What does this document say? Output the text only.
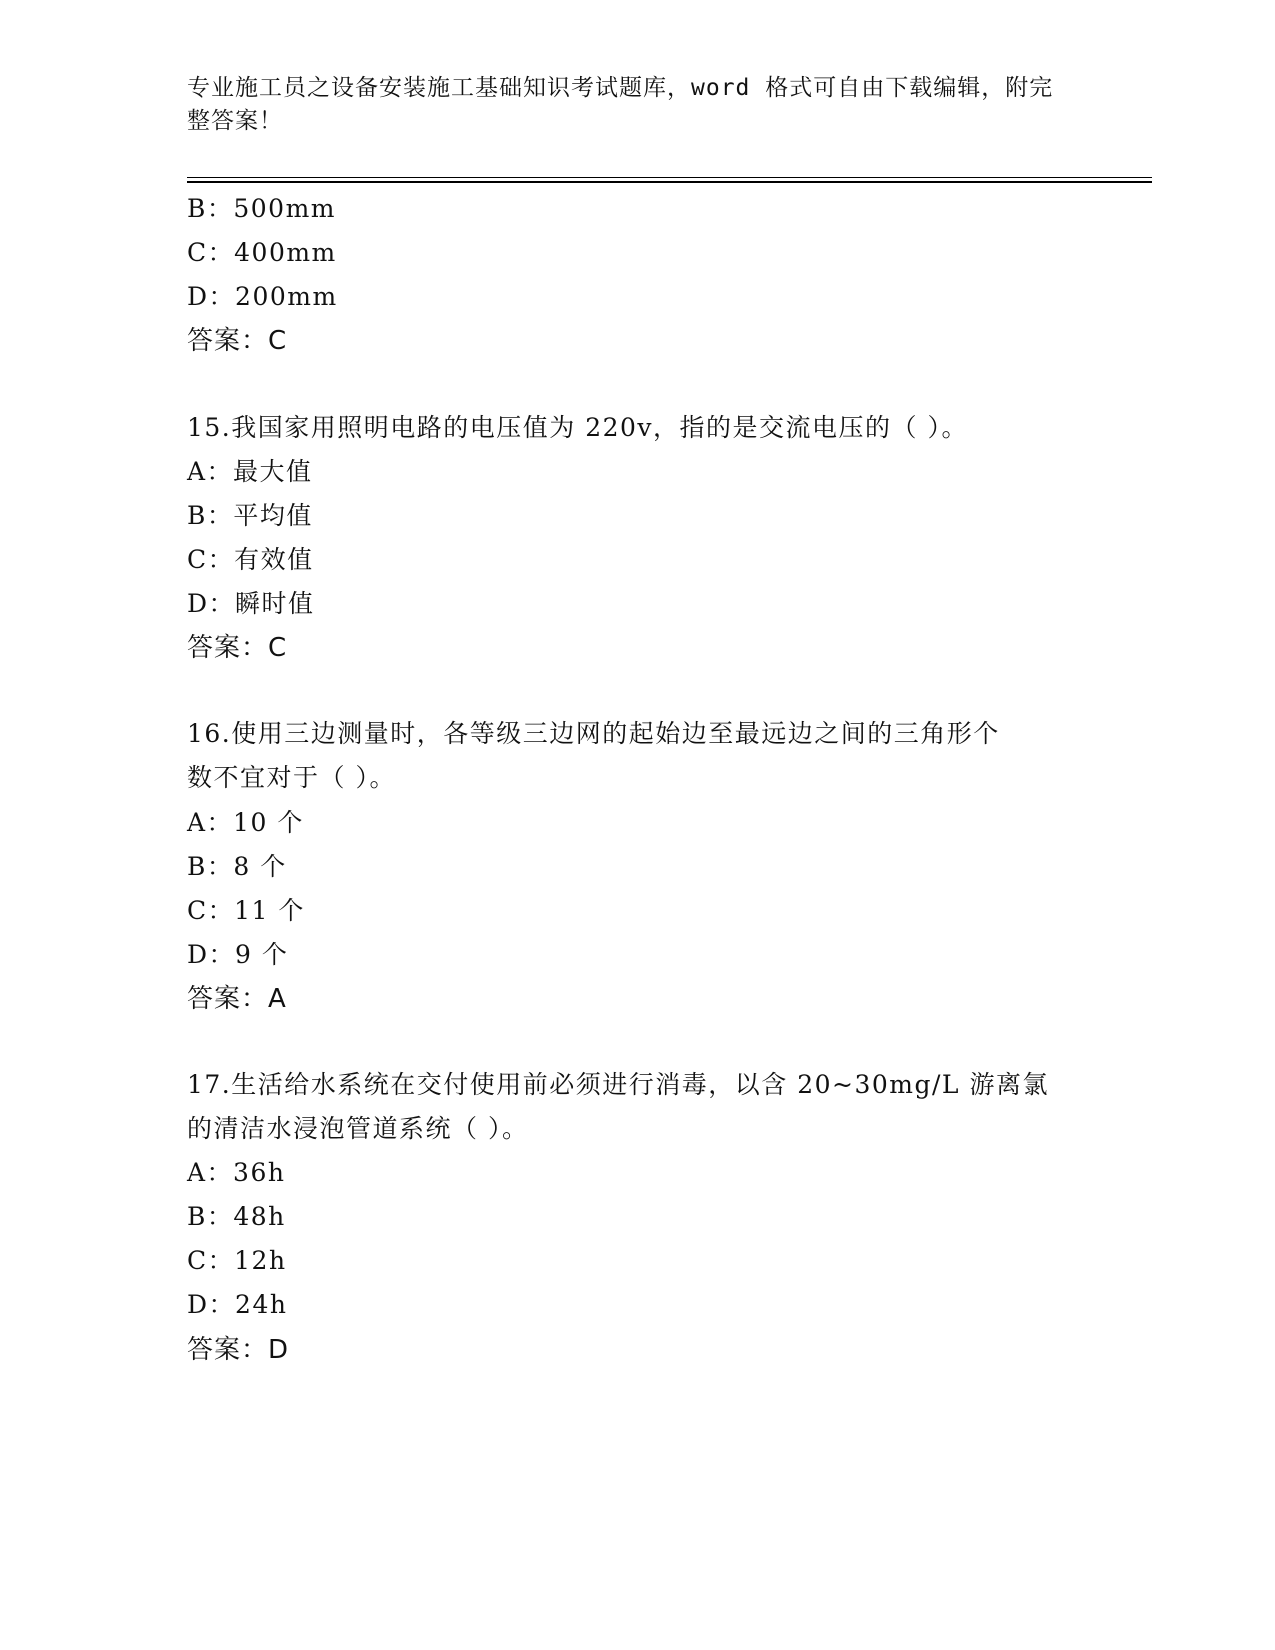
专业施工员之设备安装施工基础知识考试题库，word 格式可自由下载编辑，附完
整答案！
B：500mm
C：400mm
D：200mm
答案：C
15.我国家用照明电路的电压值为 220v，指的是交流电压的（ ）。
A：最大值
B：平均值
C：有效值
D：瞬时值
答案：C
16.使用三边测量时，各等级三边网的起始边至最远边之间的三角形个
数不宜对于（ ）。
A：10 个
B：8 个
C：11 个
D：9 个
答案：A
17.生活给水系统在交付使用前必须进行消毒，以含 20~30mg/L 游离氯
的清洁水浸泡管道系统（ ）。
A：36h
B：48h
C：12h
D：24h
答案：D
